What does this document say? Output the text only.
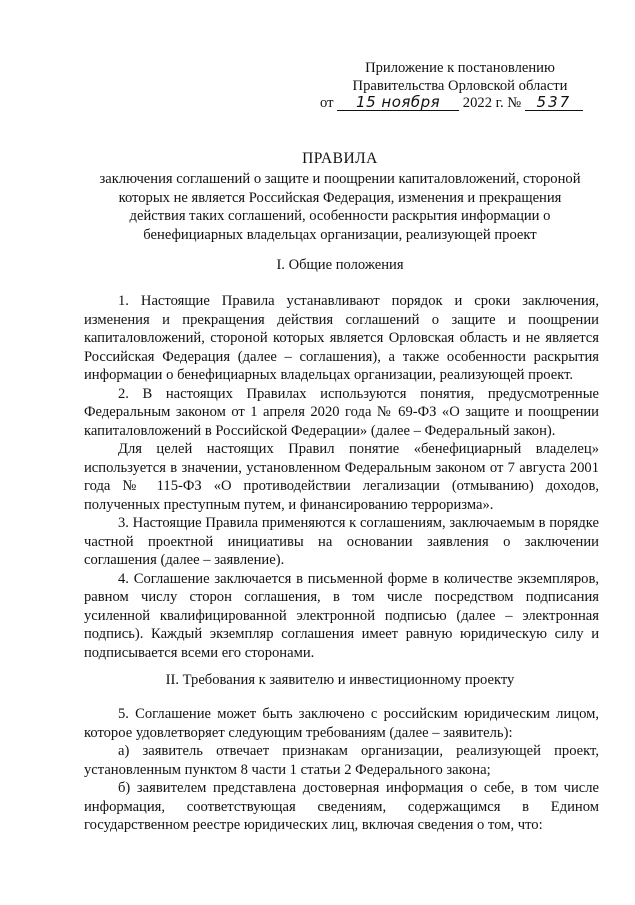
Приложение к постановлению
Правительства Орловской области
от 15 ноября 2022 г. № 537
ПРАВИЛА
заключения соглашений о защите и поощрении капиталовложений, стороной
которых не является Российская Федерация, изменения и прекращения
действия таких соглашений, особенности раскрытия информации о
бенефициарных владельцах организации, реализующей проект
I. Общие положения

1. Настоящие Правила устанавливают порядок и сроки заключения, изменения и прекращения действия соглашений о защите и поощрении капиталовложений, стороной которых является Орловская область и не является Российская Федерация (далее – соглашения), а также особенности раскрытия информации о бенефициарных владельцах организации, реализующей проект.

2. В настоящих Правилах используются понятия, предусмотренные Федеральным законом от 1 апреля 2020 года № 69-ФЗ «О защите и поощрении капиталовложений в Российской Федерации» (далее – Федеральный закон).

Для целей настоящих Правил понятие «бенефициарный владелец» используется в значении, установленном Федеральным законом от 7 августа 2001 года № 115-ФЗ «О противодействии легализации (отмыванию) доходов, полученных преступным путем, и финансированию терроризма».

3. Настоящие Правила применяются к соглашениям, заключаемым в порядке частной проектной инициативы на основании заявления о заключении соглашения (далее – заявление).

4. Соглашение заключается в письменной форме в количестве экземпляров, равном числу сторон соглашения, в том числе посредством подписания усиленной квалифицированной электронной подписью (далее – электронная подпись). Каждый экземпляр соглашения имеет равную юридическую силу и подписывается всеми его сторонами.

II. Требования к заявителю и инвестиционному проекту

5. Соглашение может быть заключено с российским юридическим лицом, которое удовлетворяет следующим требованиям (далее – заявитель):

а) заявитель отвечает признакам организации, реализующей проект, установленным пунктом 8 части 1 статьи 2 Федерального закона;

б) заявителем представлена достоверная информация о себе, в том числе информация, соответствующая сведениям, содержащимся в Едином государственном реестре юридических лиц, включая сведения о том, что:
